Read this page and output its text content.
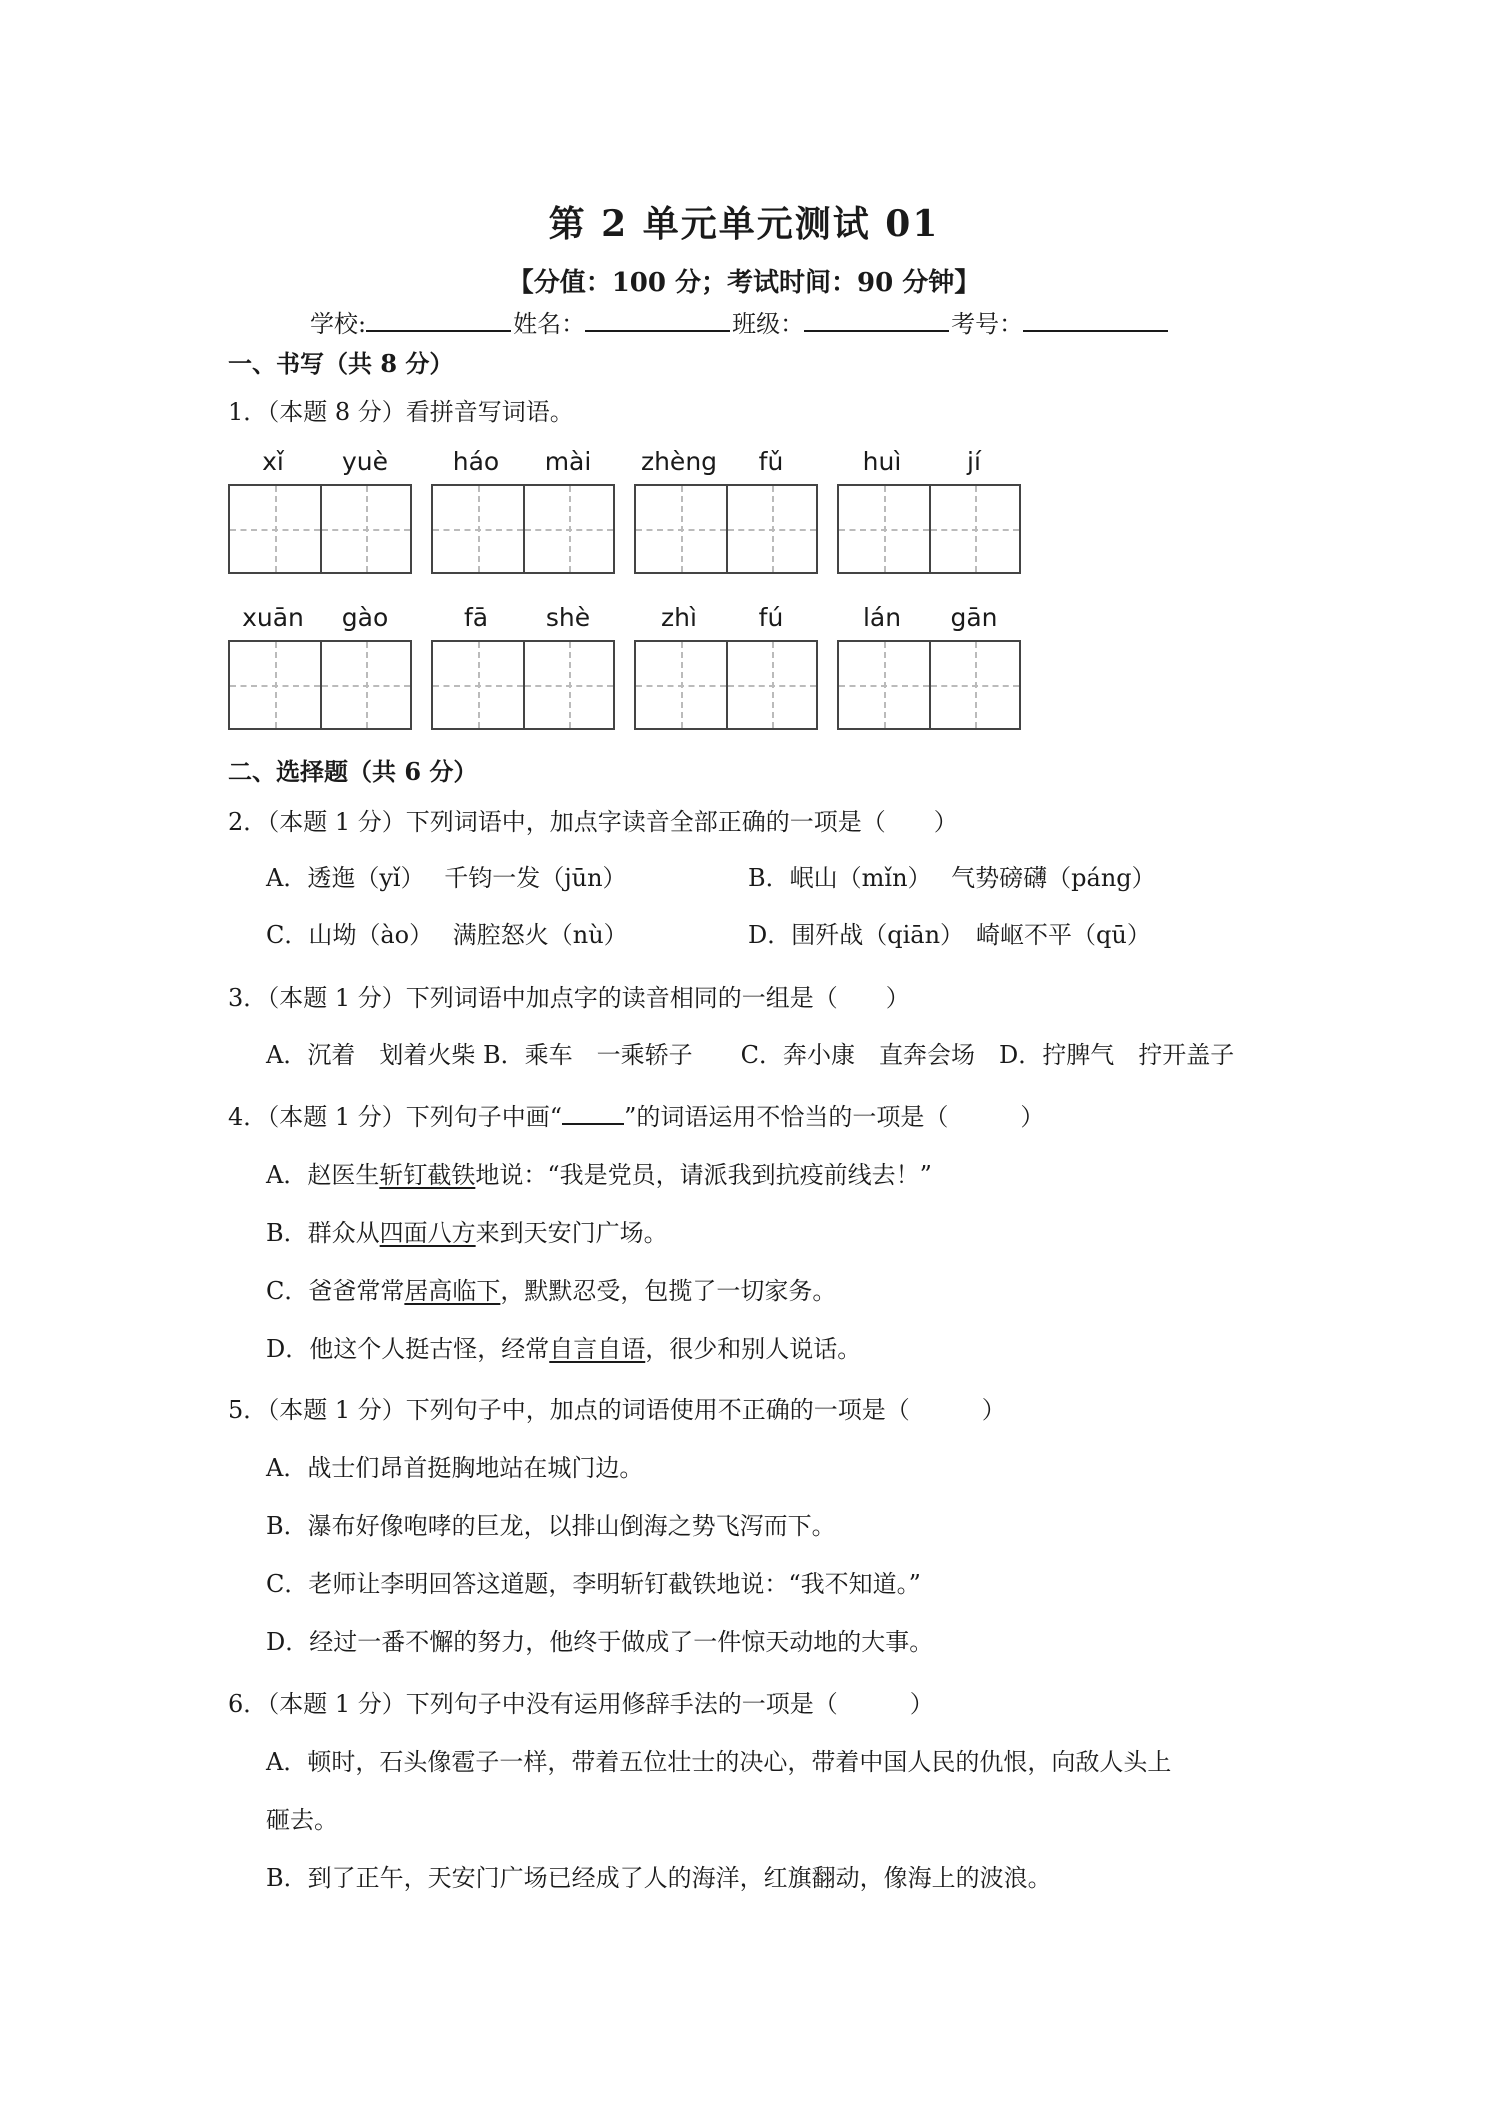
第 2 单元单元测试 01
【分值：100 分；考试时间：90 分钟】
学校:	姓名：	班级：	考号：
一、书写（共 8 分）
1．（本题 8 分）看拼音写词语。
xǐ	yuè	háo	mài	zhèng	fǔ	huì	jí
xuān	gào	fā	shè	zhì	fú	lán	gān
二、选择题（共 6 分）
2．（本题 1 分）下列词语中，加点字读音全部正确的一项是（　　）
A．透迤（yǐ）　 千钧一发（jūn）	B．岷山（mǐn）　 气势磅礴（páng）
C．山坳（ào）　 满腔怒火（nù）	D．围歼战（qiān）　崎岖不平（qū）
3．（本题 1 分）下列词语中加点字的读音相同的一组是（　　）
A．沉着　划着火柴 B．乘车　一乘轿子　　C．奔小康　直奔会场　D．拧脾气　拧开盖子
4．（本题 1 分）下列句子中画“	”的词语运用不恰当的一项是（　　　）
A．赵医生斩钉截铁地说：“我是党员，请派我到抗疫前线去！”
B．群众从四面八方来到天安门广场。
C．爸爸常常居高临下，默默忍受，包揽了一切家务。
D．他这个人挺古怪，经常自言自语，很少和别人说话。
5．（本题 1 分）下列句子中，加点的词语使用不正确的一项是（　　　）
A．战士们昂首挺胸地站在城门边。
B．瀑布好像咆哮的巨龙，以排山倒海之势飞泻而下。
C．老师让李明回答这道题，李明斩钉截铁地说：“我不知道。”
D．经过一番不懈的努力，他终于做成了一件惊天动地的大事。
6．（本题 1 分）下列句子中没有运用修辞手法的一项是（　　　）
A．顿时，石头像雹子一样，带着五位壮士的决心，带着中国人民的仇恨，向敌人头上
砸去。
B．到了正午，天安门广场已经成了人的海洋，红旗翻动，像海上的波浪。
